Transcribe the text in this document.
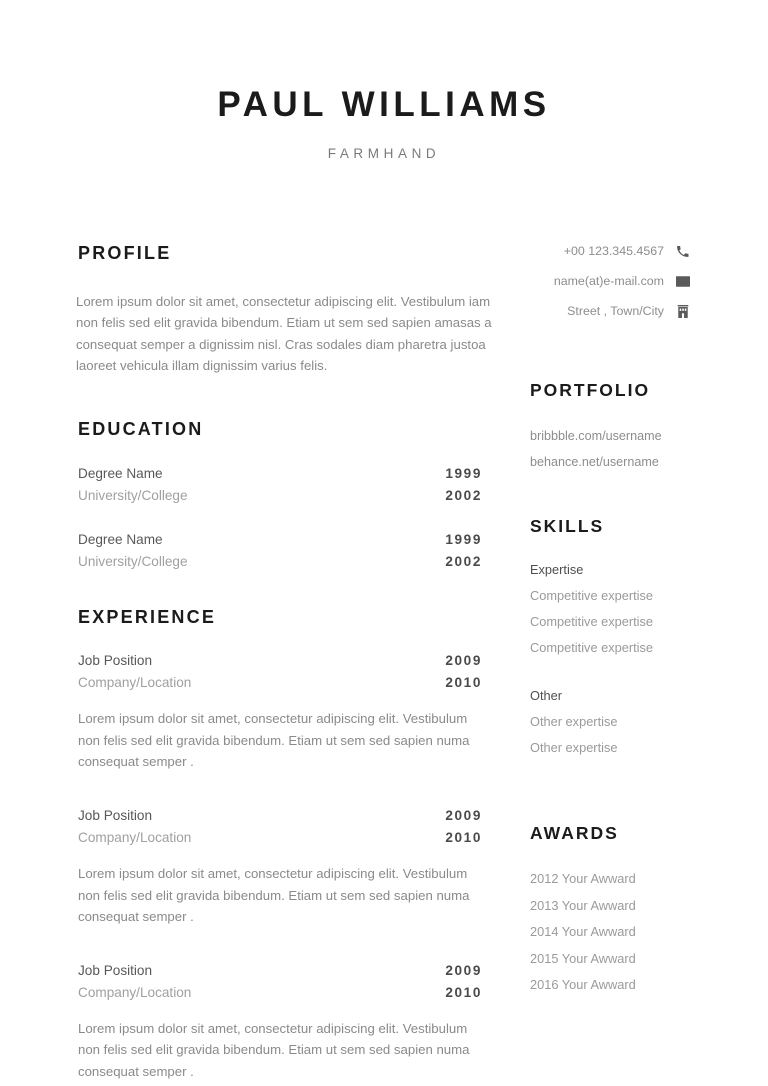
PAUL WILLIAMS
FARMHAND
+00 123.345.4567
name(at)e-mail.com
Street , Town/City
PROFILE

Lorem ipsum dolor sit amet, consectetur adipiscing elit. Vestibulum iam non felis sed elit gravida bibendum. Etiam ut sem sed sapien amasas a consequat semper a dignissim nisl. Cras sodales diam pharetra justoa laoreet vehicula illam dignissim varius felis.

EDUCATION
Degree Name	1999
University/College	2002
Degree Name	1999
University/College	2002
EXPERIENCE
Job Position	2009
Company/Location	2010

Lorem ipsum dolor sit amet, consectetur adipiscing elit. Vestibulum non felis sed elit gravida bibendum. Etiam ut sem sed sapien numa consequat semper .

Job Position	2009
Company/Location	2010

Lorem ipsum dolor sit amet, consectetur adipiscing elit. Vestibulum non felis sed elit gravida bibendum. Etiam ut sem sed sapien numa consequat semper .

Job Position	2009
Company/Location	2010

Lorem ipsum dolor sit amet, consectetur adipiscing elit. Vestibulum non felis sed elit gravida bibendum. Etiam ut sem sed sapien numa consequat semper .

PORTFOLIO
bribbble.com/username
behance.net/username
SKILLS
Expertise
Competitive expertise
Competitive expertise
Competitive expertise
Other
Other expertise
Other expertise
AWARDS
2012 Your Awward
2013 Your Awward
2014 Your Awward
2015 Your Awward
2016 Your Awward
